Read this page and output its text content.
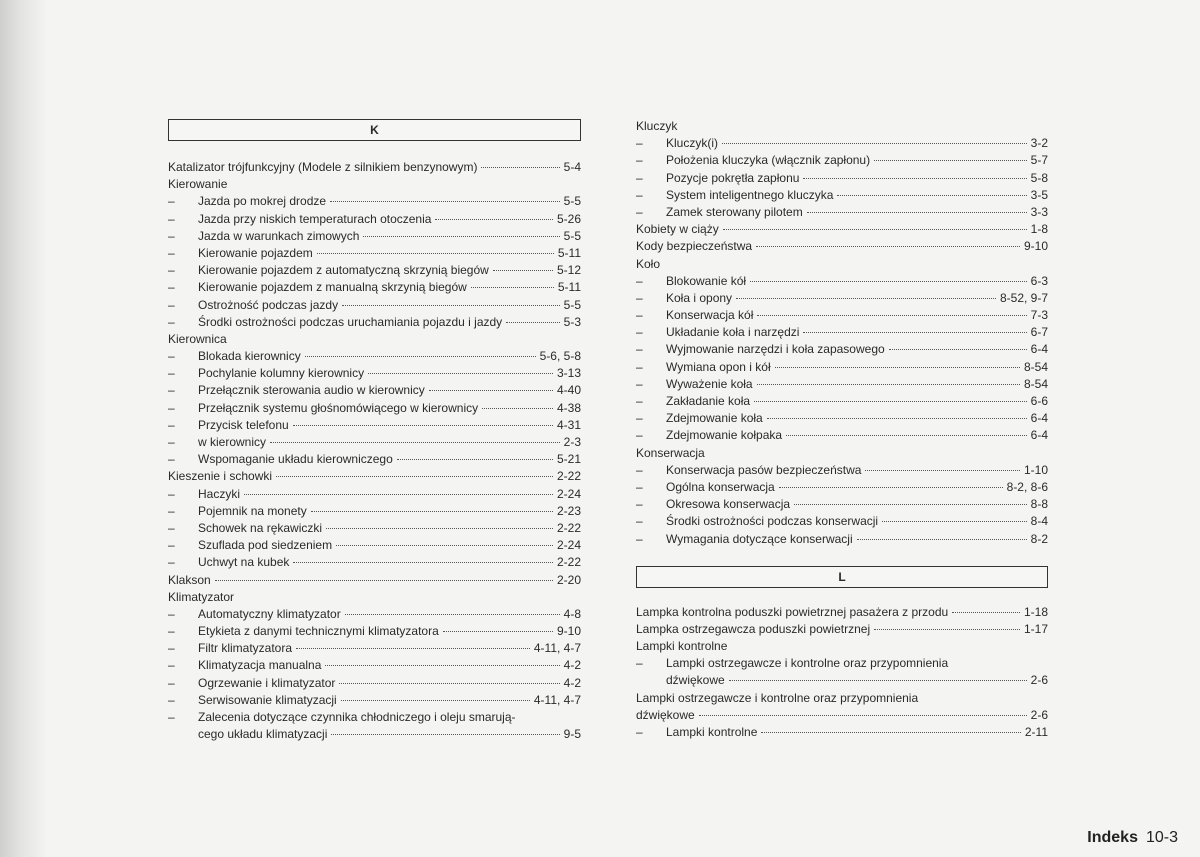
K
Katalizator trójfunkcyjny (Modele z silnikiem benzynowym)	5-4
Kierowanie
–	Jazda po mokrej drodze	5-5
–	Jazda przy niskich temperaturach otoczenia	5-26
–	Jazda w warunkach zimowych	5-5
–	Kierowanie pojazdem	5-11
–	Kierowanie pojazdem z automatyczną skrzynią biegów	5-12
–	Kierowanie pojazdem z manualną skrzynią biegów	5-11
–	Ostrożność podczas jazdy	5-5
–	Środki ostrożności podczas uruchamiania pojazdu i jazdy	5-3
Kierownica
–	Blokada kierownicy	5-6, 5-8
–	Pochylanie kolumny kierownicy	3-13
–	Przełącznik sterowania audio w kierownicy	4-40
–	Przełącznik systemu głośnomówiącego w kierownicy	4-38
–	Przycisk telefonu	4-31
–	w kierownicy	2-3
–	Wspomaganie układu kierowniczego	5-21
Kieszenie i schowki	2-22
–	Haczyki	2-24
–	Pojemnik na monety	2-23
–	Schowek na rękawiczki	2-22
–	Szuflada pod siedzeniem	2-24
–	Uchwyt na kubek	2-22
Klakson	2-20
Klimatyzator
–	Automatyczny klimatyzator	4-8
–	Etykieta z danymi technicznymi klimatyzatora	9-10
–	Filtr klimatyzatora	4-11, 4-7
–	Klimatyzacja manualna	4-2
–	Ogrzewanie i klimatyzator	4-2
–	Serwisowanie klimatyzacji	4-11, 4-7
–	Zalecenia dotyczące czynnika chłodniczego i oleju smarują-
cego układu klimatyzacji	9-5
Kluczyk
–	Kluczyk(i)	3-2
–	Położenia kluczyka (włącznik zapłonu)	5-7
–	Pozycje pokrętła zapłonu	5-8
–	System inteligentnego kluczyka	3-5
–	Zamek sterowany pilotem	3-3
Kobiety w ciąży	1-8
Kody bezpieczeństwa	9-10
Koło
–	Blokowanie kół	6-3
–	Koła i opony	8-52, 9-7
–	Konserwacja kół	7-3
–	Układanie koła i narzędzi	6-7
–	Wyjmowanie narzędzi i koła zapasowego	6-4
–	Wymiana opon i kół	8-54
–	Wyważenie koła	8-54
–	Zakładanie koła	6-6
–	Zdejmowanie koła	6-4
–	Zdejmowanie kołpaka	6-4
Konserwacja
–	Konserwacja pasów bezpieczeństwa	1-10
–	Ogólna konserwacja	8-2, 8-6
–	Okresowa konserwacja	8-8
–	Środki ostrożności podczas konserwacji	8-4
–	Wymagania dotyczące konserwacji	8-2
L
Lampka kontrolna poduszki powietrznej pasażera z przodu	1-18
Lampka ostrzegawcza poduszki powietrznej	1-17
Lampki kontrolne
–	Lampki ostrzegawcze i kontrolne oraz przypomnienia
dźwiękowe	2-6
Lampki ostrzegawcze i kontrolne oraz przypomnienia
dźwiękowe	2-6
–	Lampki kontrolne	2-11
Indeks 10-3
